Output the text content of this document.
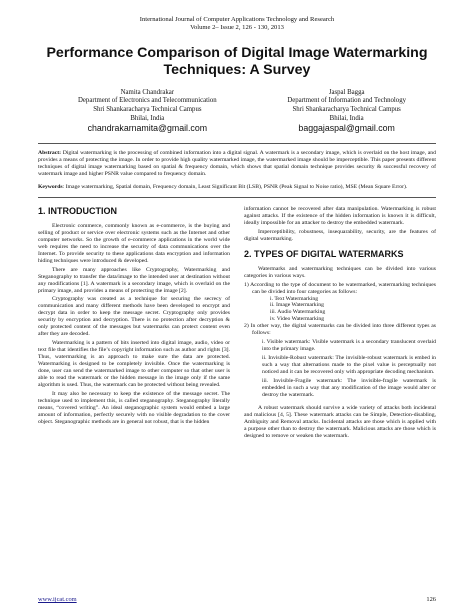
International Journal of Computer Applications Technology and Research
Volume 2– Issue 2, 126 - 130, 2013
Performance Comparison of Digital Image Watermarking
Techniques: A Survey
Namita Chandrakar
Department of Electronics and Telecommunication
Shri Shankaracharya Technical Campus
Bhilai, India
chandrakarnamita@gmail.com
Jaspal Bagga
Department of Information and Technology
Shri Shankaracharya Technical Campus
Bhilai, India
baggajaspal@gmail.com
Abstract: Digital watermarking is the processing of combined information into a digital signal. A watermark is a secondary image, which is overlaid on the host image, and provides a means of protecting the image. In order to provide high quality watermarked image, the watermarked image should be imperceptible. This paper presents different techniques of digital image watermarking based on spatial & frequency domain, which shows that spatial domain technique provides security & successful recovery of watermark image and higher PSNR value compared to frequency domain.
Keywords: Image watermarking, Spatial domain, Frequency domain, Least Significant Bit (LSB), PSNR (Peak Signal to Noise ratio), MSE (Mean Square Error).
1. INTRODUCTION

Electronic commerce, commonly known as e-commerce, is the buying and selling of product or service over electronic systems such as the Internet and other computer networks. So the growth of e-commerce applications in the world wide web requires the need to increase the security of data communications over the Internet. To provide security to these applications data encryption and information hiding techniques were introduced & developed.

There are many approaches like Cryptography, Watermarking and Steganography to transfer the data/image to the intended user at destination without any modifications [1]. A watermark is a secondary image, which is overlaid on the primary image, and provides a means of protecting the image [2].

Cryptography was created as a technique for securing the secrecy of communication and many different methods have been developed to encrypt and decrypt data in order to keep the message secret. Cryptography only provides security by encryption and decryption. There is no protection after decryption & only protected content of the messages but watermarks can protect content even after they are decoded.

Watermarking is a pattern of bits inserted into digital image, audio, video or text file that identifies the file’s copyright information such as author and rights [3]. Thus, watermarking is an approach to make sure the data are protected. Watermarking is designed to be completely invisible. Once the watermarking is done, user can send the watermarked image to other computer so that other user is able to read the watermark or the hidden message in the image only if the same algorithm is used. Thus, the watermark can be protected without being revealed.

It may also be necessary to keep the existence of the message secret. The technique used to implement this, is called steganography. Steganography literally means, “covered writing”. An ideal steganographic system would embed a large amount of information, perfectly securely with no visible degradation to the cover object. Steganographic methods are in general not robust, that is the hidden

information cannot be recovered after data manipulation. Watermarking is robust against attacks. If the existence of the hidden information is known it is difficult, ideally impossible for an attacker to destroy the embedded watermark.

Imperceptibility, robustness, insequarability, security, are the features of digital watermarking.

2. TYPES OF DIGITAL WATERMARKS

Watermarks and watermarking techniques can be divided into various categories in various ways.

1) According to the type of document to be watermarked, watermarking techniques can be divided into four categories as follows:

i. Text Watermarking
ii. Image Watermarking
iii. Audio Watermarking
iv. Video Watermarking

2) In other way, the digital watermarks can be divided into three different types as follows:

i. Visible watermark: Visible watermark is a secondary translucent overlaid into the primary image.

ii. Invisible-Robust watermark: The invisible-robust watermark is embed in such a way that alternations made to the pixel value is perceptually not noticed and it can be recovered only with appropriate decoding mechanism.

iii. Invisible-Fragile watermark: The invisible-fragile watermark is embedded in such a way that any modification of the image would alter or destroy the watermark.

A robust watermark should survive a wide variety of attacks both incidental and malicious [4, 5]. These watermark attacks can be Simple, Detection-disabling, Ambiguity and Removal attacks. Incidental attacks are those which is applied with a purpose other than to destroy the watermark. Malicious attacks are those which is designed to remove or weaken the watermark.

www.ijcat.com	126
